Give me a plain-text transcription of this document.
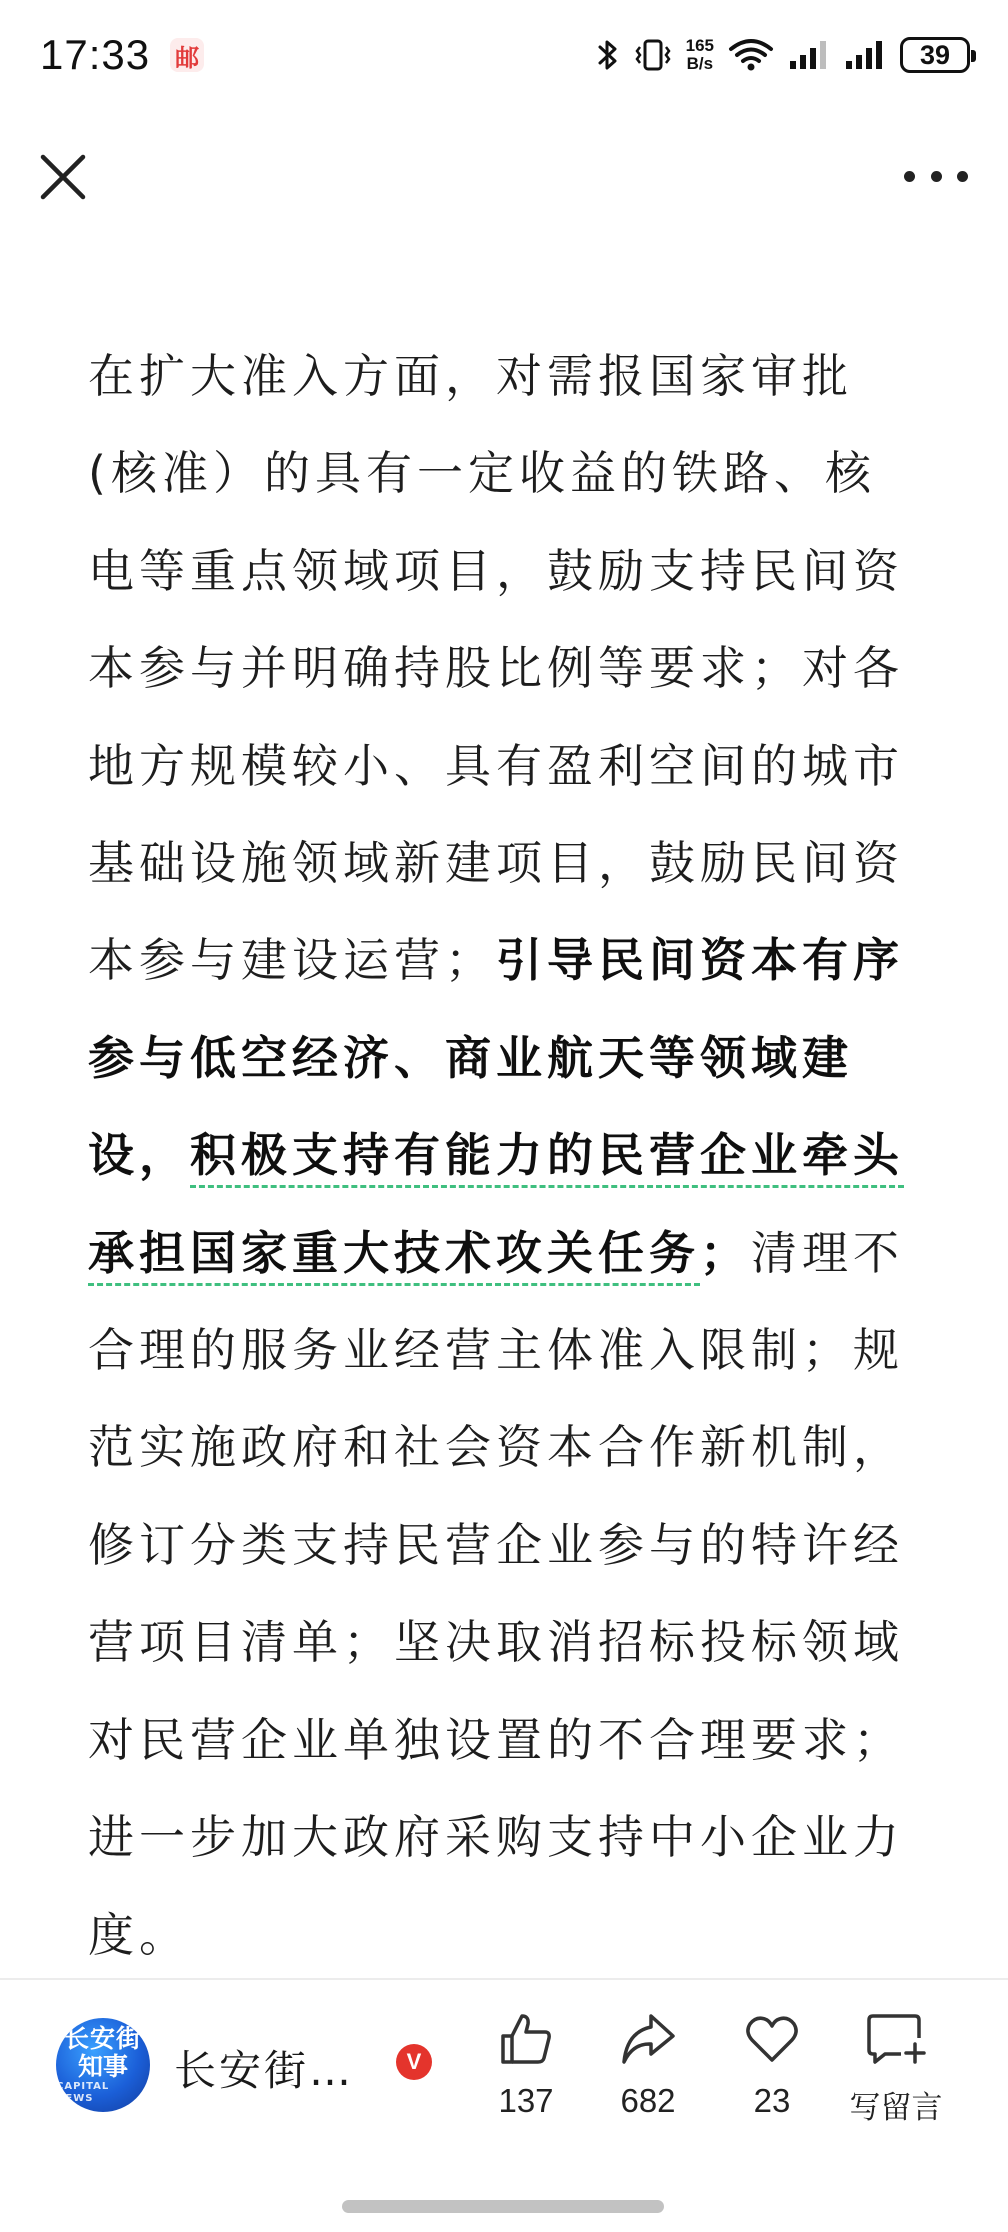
17:33 邮	165
B/s	39
在扩大准入方面，对需报国家审批(核准）的具有一定收益的铁路、核电等重点领域项目，鼓励支持民间资本参与并明确持股比例等要求；对各地方规模较小、具有盈利空间的城市基础设施领域新建项目，鼓励民间资本参与建设运营；引导民间资本有序参与低空经济、商业航天等领域建设，积极支持有能力的民营企业牵头承担国家重大技术攻关任务；清理不合理的服务业经营主体准入限制；规范实施政府和社会资本合作新机制，修订分类支持民营企业参与的特许经营项目清单；坚决取消招标投标领域对民营企业单独设置的不合理要求；进一步加大政府采购支持中小企业力度。
长安街
知事
CAPITAL NEWS
长安街…	V
137 682 23 写留言
